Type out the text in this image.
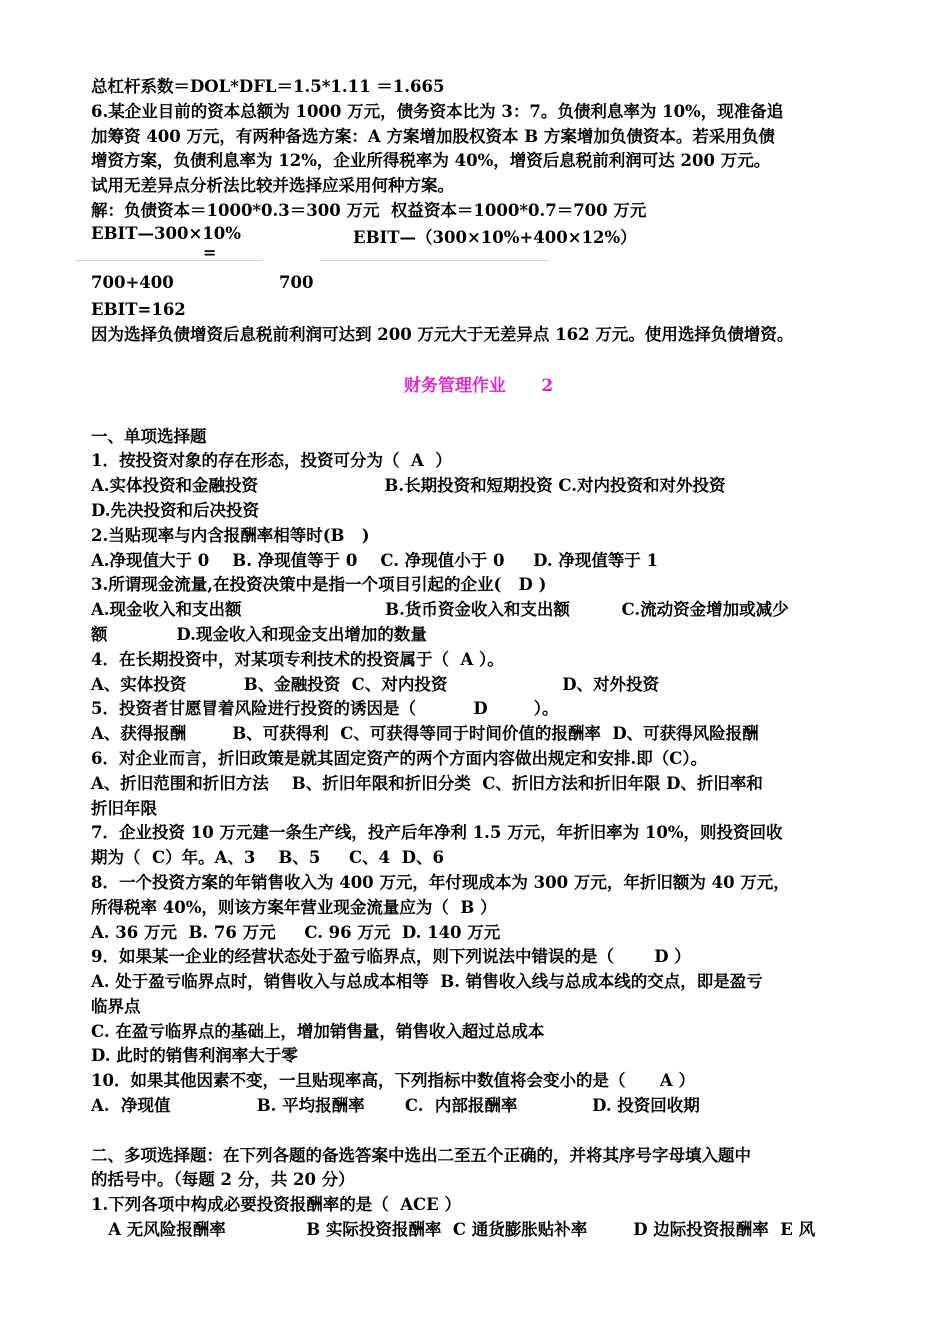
总杠杆系数＝DOL*DFL＝1.5*1.11 ＝1.665
6.某企业目前的资本总额为 1000 万元，债务资本比为 3：7。负债利息率为 10%，现准备追
加筹资 400 万元，有两种备选方案：A 方案增加股权资本 B 方案增加负债资本。若采用负债
增资方案，负债利息率为 12%，企业所得税率为 40%，增资后息税前利润可达 200 万元。
试用无差异点分析法比较并选择应采用何种方案。
解：负债资本＝1000*0.3＝300 万元  权益资本＝1000*0.7＝700 万元
EBIT—300×10%	EBIT—（300×10%+400×12%）
=
700+400	700
EBIT=162
因为选择负债增资后息税前利润可达到 200 万元大于无差异点 162 万元。使用选择负债增资。
财务管理作业      2
一、单项选择题
1．按投资对象的存在形态，投资可分为（  A  ）
A.实体投资和金融投资                      B.长期投资和短期投资 C.对内投资和对外投资
D.先决投资和后决投资
2.当贴现率与内含报酬率相等时(B   )
A.净现值大于 0    B. 净现值等于 0    C. 净现值小于 0     D. 净现值等于 1
3.所谓现金流量,在投资决策中是指一个项目引起的企业(   D )
A.现金收入和支出额                         B.货币资金收入和支出额         C.流动资金增加或减少
额            D.现金收入和现金支出增加的数量
4．在长期投资中，对某项专利技术的投资属于（  A ）。
A、实体投资          B、金融投资  C、对内投资                    D、对外投资
5．投资者甘愿冒着风险进行投资的诱因是（          D        ）。
A、获得报酬        B、可获得利  C、可获得等同于时间价值的报酬率  D、可获得风险报酬
6．对企业而言，折旧政策是就其固定资产的两个方面内容做出规定和安排.即（C）。
A、折旧范围和折旧方法    B、折旧年限和折旧分类  C、折旧方法和折旧年限 D、折旧率和
折旧年限
7．企业投资 10 万元建一条生产线，投产后年净利 1.5 万元，年折旧率为 10%，则投资回收
期为（  C）年。A、3    B、5     C、4  D、6
8．一个投资方案的年销售收入为 400 万元，年付现成本为 300 万元，年折旧额为 40 万元，
所得税率 40%，则该方案年营业现金流量应为（  B ）
A. 36 万元  B. 76 万元     C. 96 万元  D. 140 万元
9．如果某一企业的经营状态处于盈亏临界点，则下列说法中错误的是（       D ）
A. 处于盈亏临界点时，销售收入与总成本相等  B. 销售收入线与总成本线的交点，即是盈亏
临界点
C. 在盈亏临界点的基础上，增加销售量，销售收入超过总成本
D. 此时的销售利润率大于零
10．如果其他因素不变，一旦贴现率高，下列指标中数值将会变小的是（      A ）
A.  净现值               B. 平均报酬率       C.  内部报酬率             D. 投资回收期
二、多项选择题：在下列各题的备选答案中选出二至五个正确的，并将其序号字母填入题中
的括号中。（每题 2 分，共 20 分）
1.下列各项中构成必要投资报酬率的是（  ACE ）
A 无风险报酬率              B 实际投资报酬率  C 通货膨胀贴补率        D 边际投资报酬率  E 风
